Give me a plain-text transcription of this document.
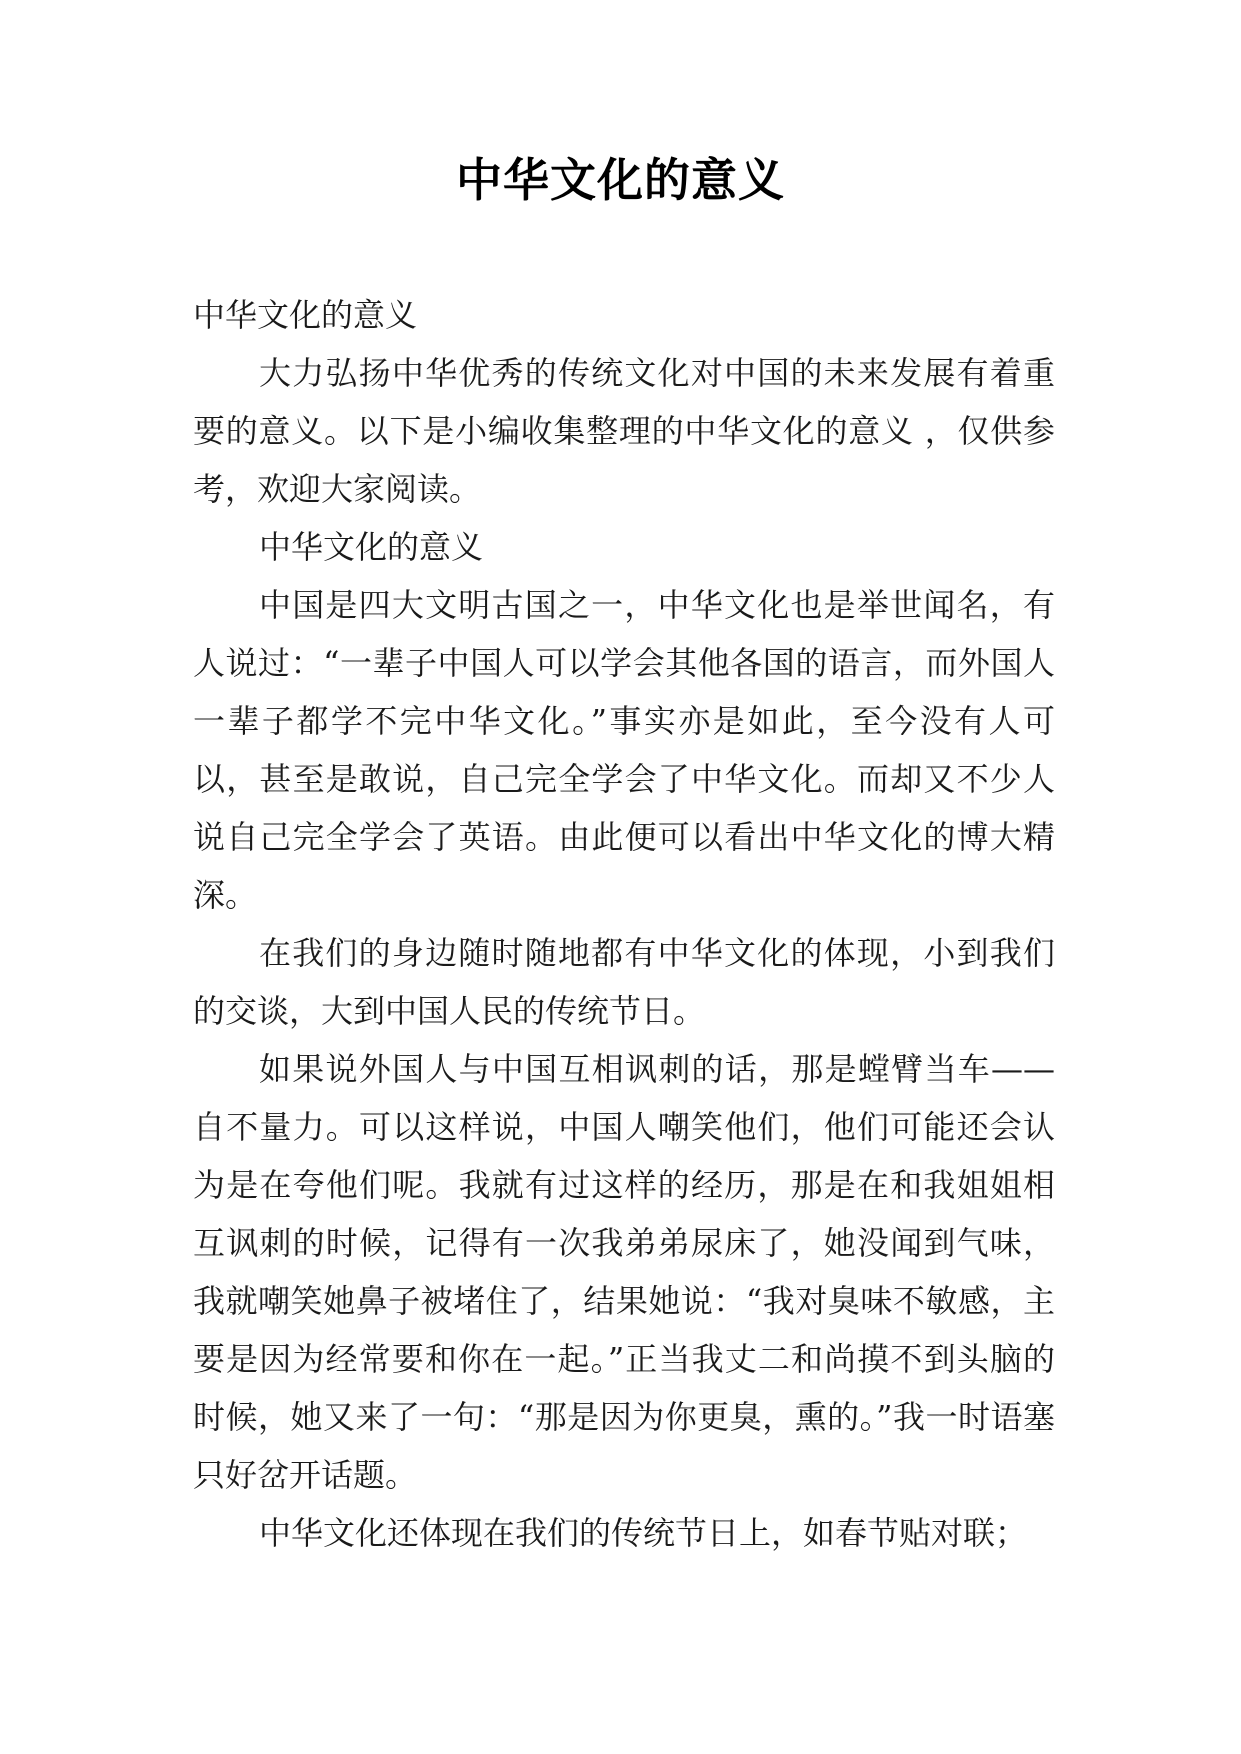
中华文化的意义

中华文化的意义

大力弘扬中华优秀的传统文化对中国的未来发展有着重要的意义。以下是小编收集整理的中华文化的意义 ，仅供参考，欢迎大家阅读。

中华文化的意义

中国是四大文明古国之一，中华文化也是举世闻名，有人说过：“一辈子中国人可以学会其他各国的语言，而外国人一辈子都学不完中华文化。”事实亦是如此，至今没有人可以，甚至是敢说，自己完全学会了中华文化。而却又不少人说自己完全学会了英语。由此便可以看出中华文化的博大精深。

在我们的身边随时随地都有中华文化的体现，小到我们的交谈，大到中国人民的传统节日。

如果说外国人与中国互相讽刺的话，那是螳臂当车——自不量力。可以这样说，中国人嘲笑他们，他们可能还会认为是在夸他们呢。我就有过这样的经历，那是在和我姐姐相互讽刺的时候，记得有一次我弟弟尿床了，她没闻到气味，我就嘲笑她鼻子被堵住了，结果她说：“我对臭味不敏感，主要是因为经常要和你在一起。”正当我丈二和尚摸不到头脑的时候，她又来了一句：“那是因为你更臭，熏的。”我一时语塞只好岔开话题。

中华文化还体现在我们的传统节日上，如春节贴对联；
